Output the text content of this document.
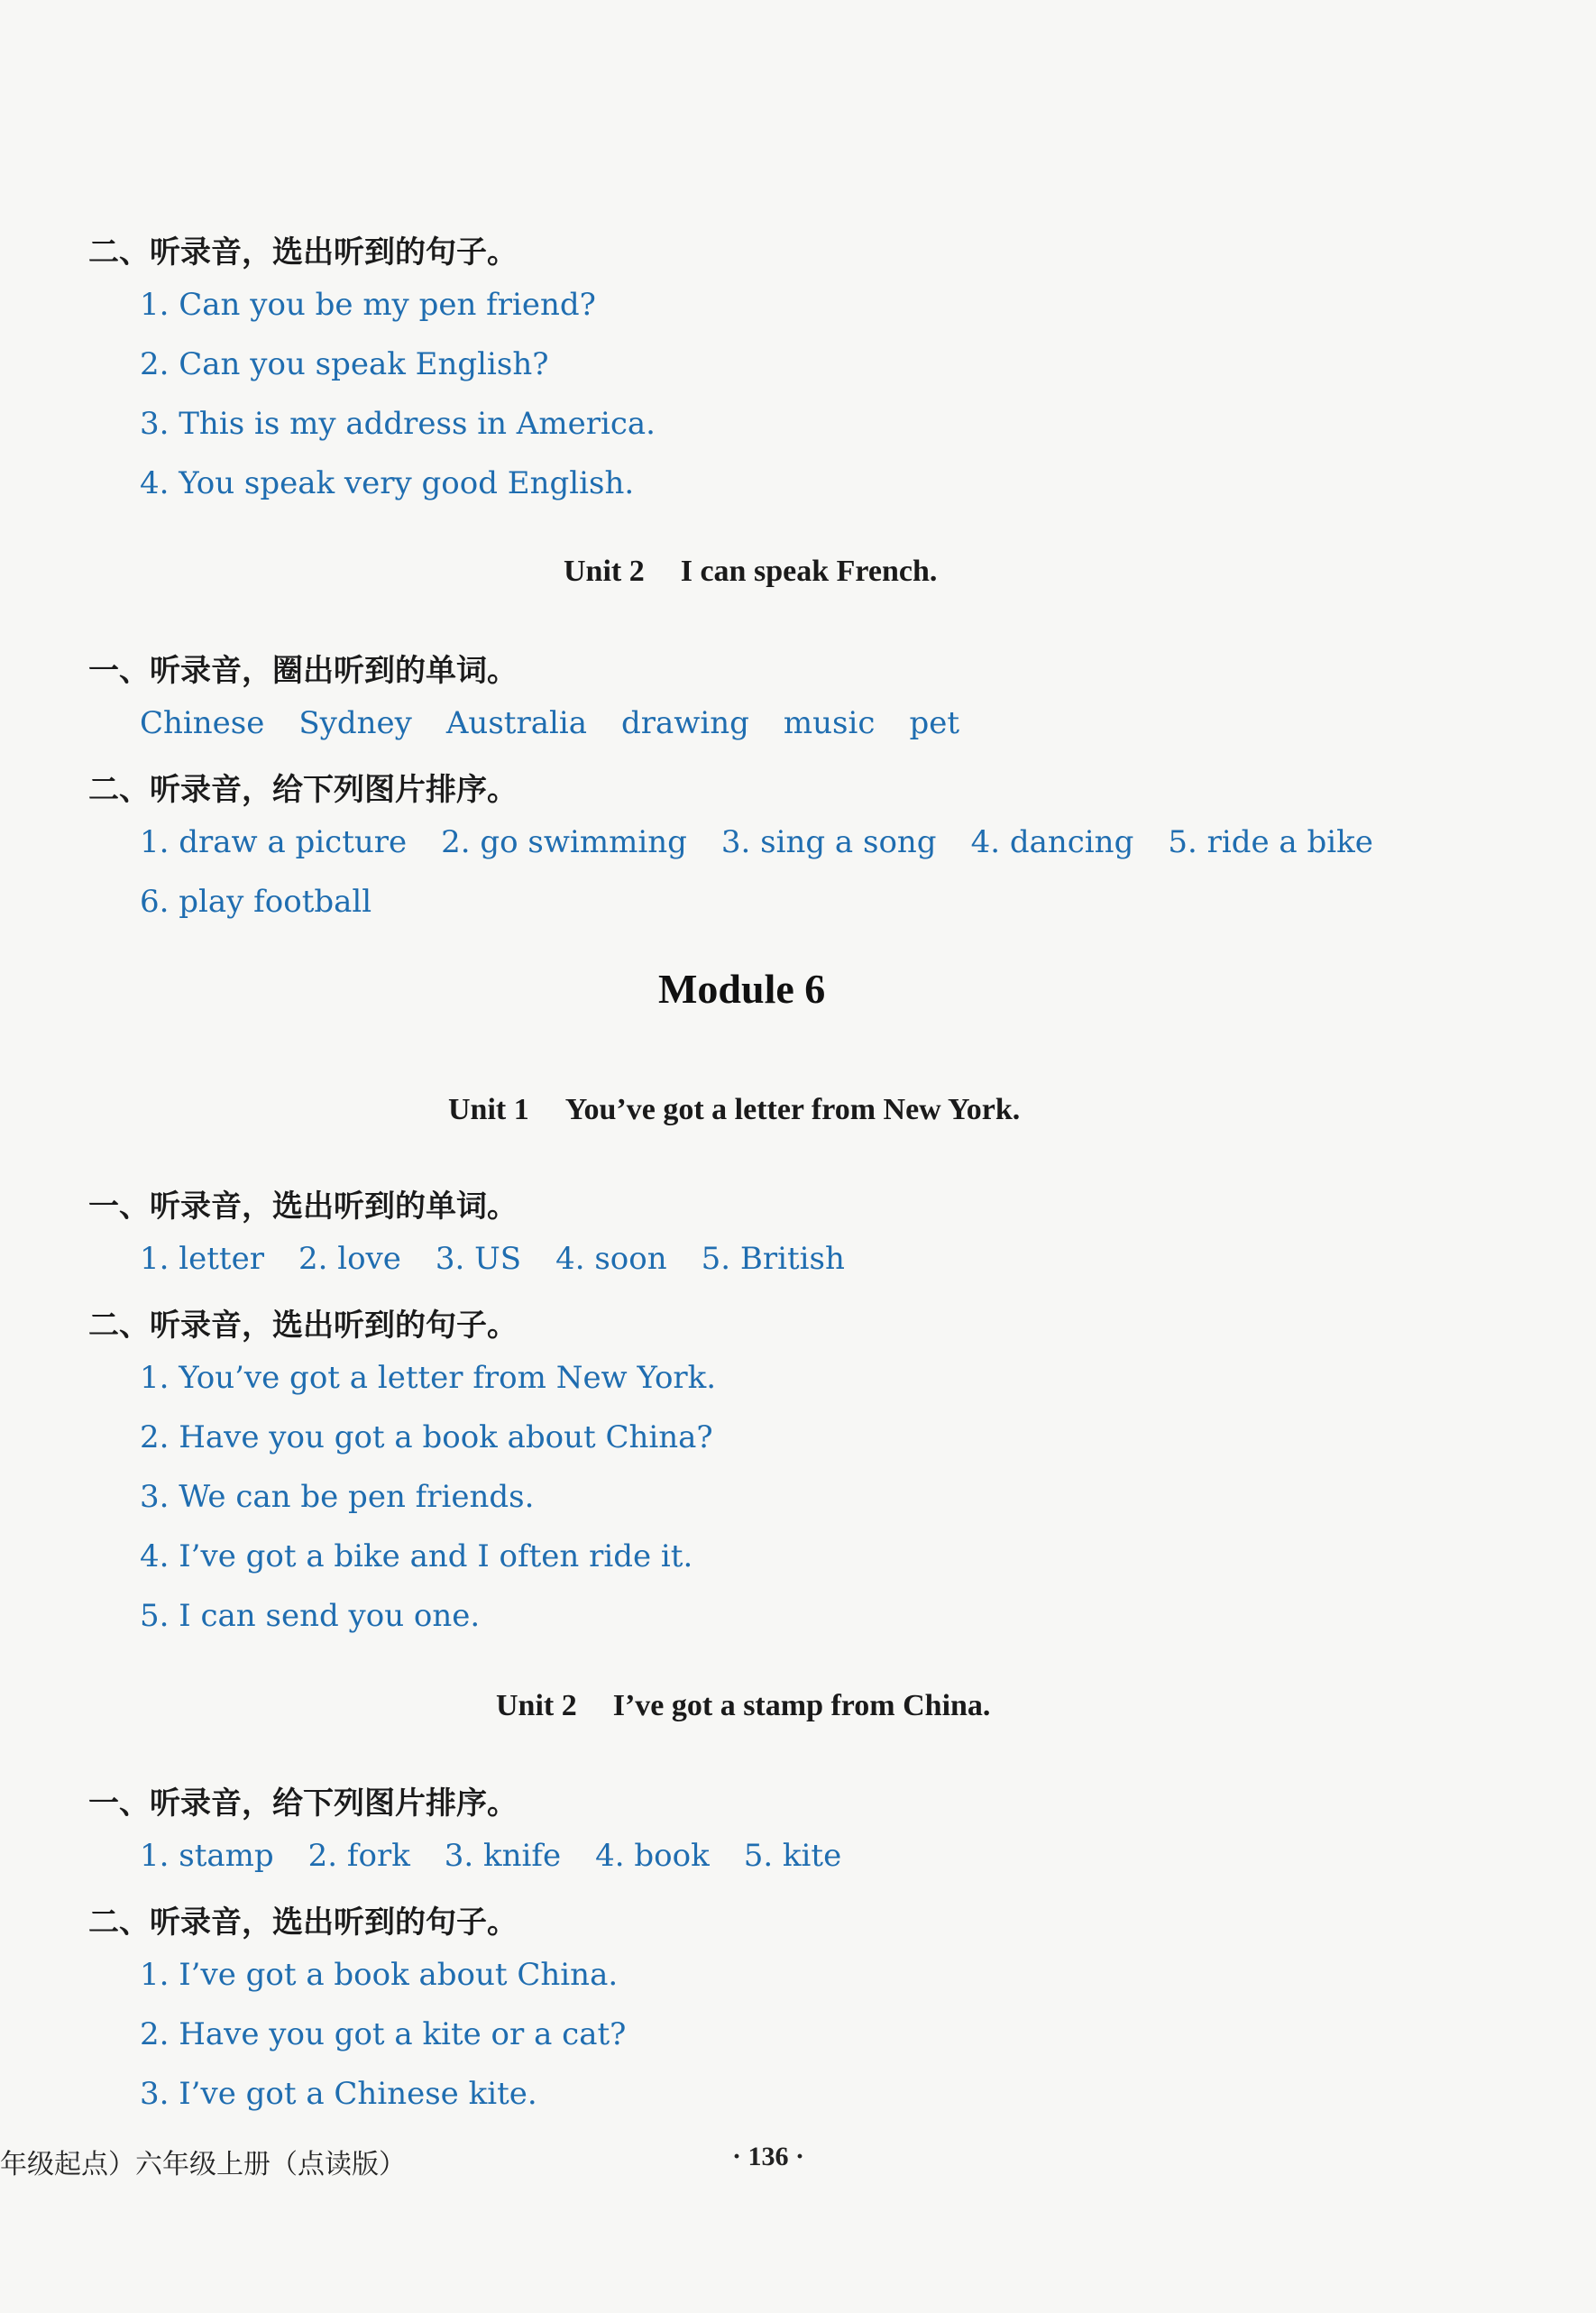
二、听录音，选出听到的句子。
1. Can you be my pen friend?
2. Can you speak English?
3. This is my address in America.
4. You speak very good English.
Unit 2 I can speak French.
一、听录音，圈出听到的单词。
Chinese Sydney Australia drawing music pet
二、听录音，给下列图片排序。
1. draw a picture 2. go swimming 3. sing a song 4. dancing 5. ride a bike
6. play football
Module 6
Unit 1 You’ve got a letter from New York.
一、听录音，选出听到的单词。
1. letter 2. love 3. US 4. soon 5. British
二、听录音，选出听到的句子。
1. You’ve got a letter from New York.
2. Have you got a book about China?
3. We can be pen friends.
4. I’ve got a bike and I often ride it.
5. I can send you one.
Unit 2 I’ve got a stamp from China.
一、听录音，给下列图片排序。
1. stamp 2. fork 3. knife 4. book 5. kite
二、听录音，选出听到的句子。
1. I’ve got a book about China.
2. Have you got a kite or a cat?
3. I’ve got a Chinese kite.
年级起点）六年级上册（点读版）	· 136 ·
